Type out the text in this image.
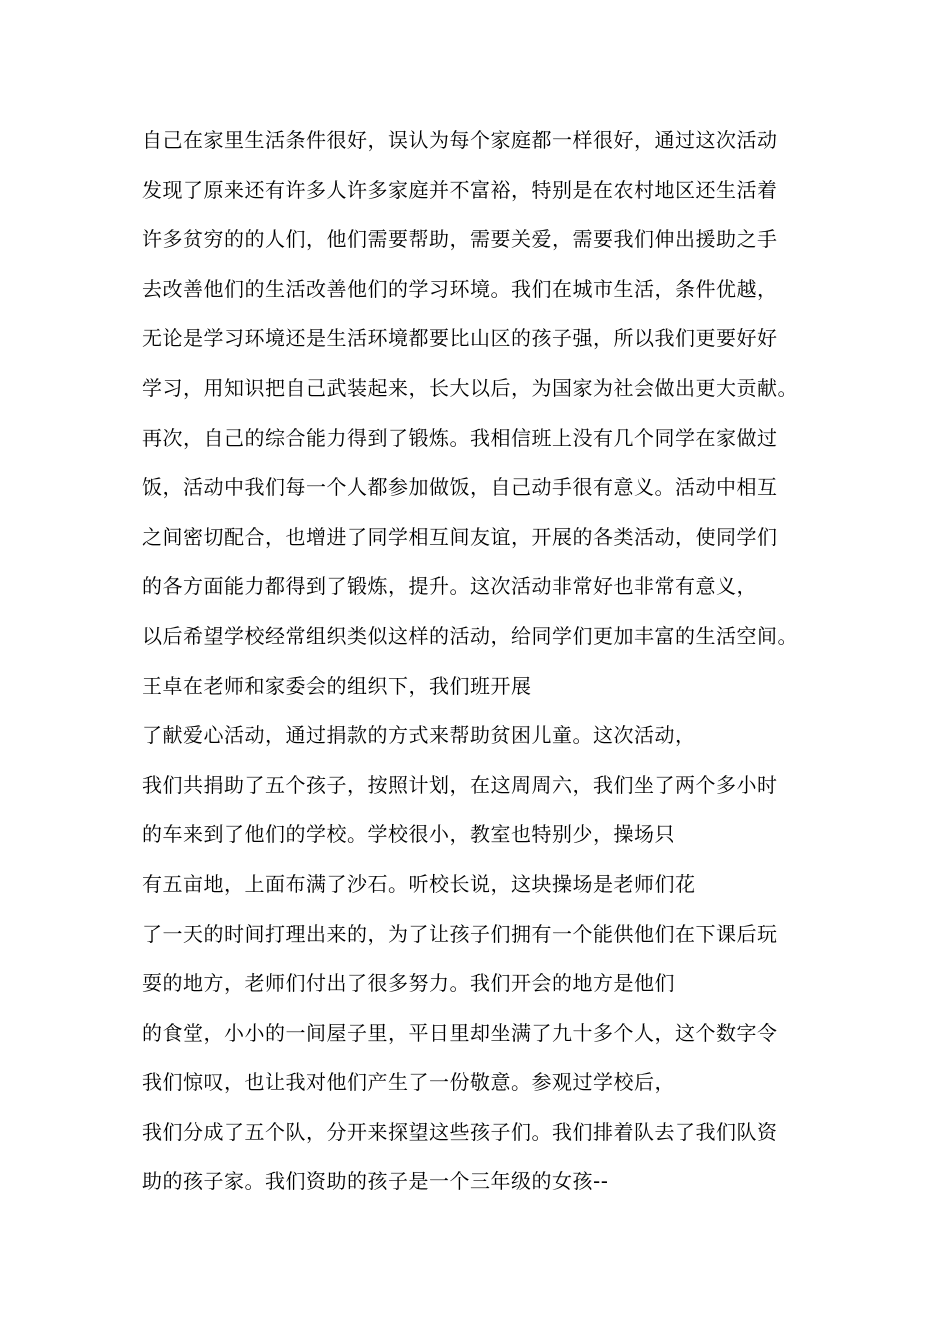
自己在家里生活条件很好，误认为每个家庭都一样很好，通过这次活动
发现了原来还有许多人许多家庭并不富裕，特别是在农村地区还生活着
许多贫穷的的人们，他们需要帮助，需要关爱，需要我们伸出援助之手
去改善他们的生活改善他们的学习环境。我们在城市生活，条件优越，
无论是学习环境还是生活环境都要比山区的孩子强，所以我们更要好好
学习，用知识把自己武装起来，长大以后，为国家为社会做出更大贡献。
再次，自己的综合能力得到了锻炼。我相信班上没有几个同学在家做过
饭，活动中我们每一个人都参加做饭，自己动手很有意义。活动中相互
之间密切配合，也增进了同学相互间友谊，开展的各类活动，使同学们
的各方面能力都得到了锻炼，提升。这次活动非常好也非常有意义，
以后希望学校经常组织类似这样的活动，给同学们更加丰富的生活空间。
王卓在老师和家委会的组织下，我们班开展
了献爱心活动，通过捐款的方式来帮助贫困儿童。这次活动，
我们共捐助了五个孩子，按照计划，在这周周六，我们坐了两个多小时
的车来到了他们的学校。学校很小，教室也特别少，操场只
有五亩地，上面布满了沙石。听校长说，这块操场是老师们花
了一天的时间打理出来的，为了让孩子们拥有一个能供他们在下课后玩
耍的地方，老师们付出了很多努力。我们开会的地方是他们
的食堂，小小的一间屋子里，平日里却坐满了九十多个人，这个数字令
我们惊叹，也让我对他们产生了一份敬意。参观过学校后，
我们分成了五个队，分开来探望这些孩子们。我们排着队去了我们队资
助的孩子家。我们资助的孩子是一个三年级的女孩--
